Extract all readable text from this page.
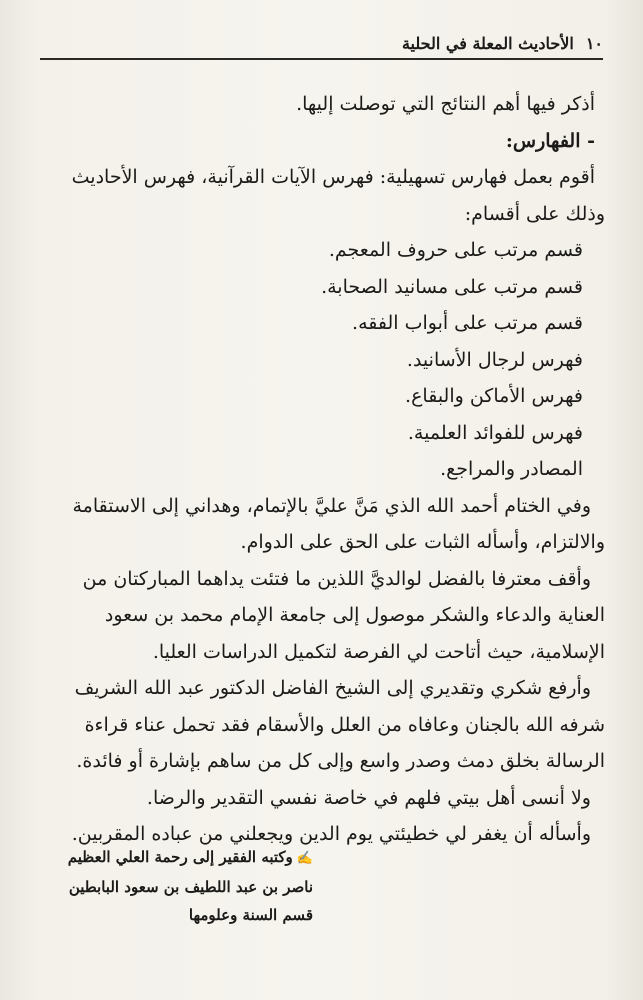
١٠
الأحاديث المعلة في الحلية
أذكر فيها أهم النتائج التي توصلت إليها.
- الفهارس:
أقوم بعمل فهارس تسهيلية: فهرس الآيات القرآنية، فهرس الأحاديث
وذلك على أقسام:
قسم مرتب على حروف المعجم.
قسم مرتب على مسانيد الصحابة.
قسم مرتب على أبواب الفقه.
فهرس لرجال الأسانيد.
فهرس الأماكن والبقاع.
فهرس للفوائد العلمية.
المصادر والمراجع.
وفي الختام أحمد الله الذي مَنَّ عليَّ بالإتمام، وهداني إلى الاستقامة
والالتزام، وأسأله الثبات على الحق على الدوام.
وأقف معترفا بالفضل لوالديَّ اللذين ما فتئت يداهما المباركتان من
العناية والدعاء والشكر موصول إلى جامعة الإمام محمد بن سعود
الإسلامية، حيث أتاحت لي الفرصة لتكميل الدراسات العليا.
وأرفع شكري وتقديري إلى الشيخ الفاضل الدكتور عبد الله الشريف
شرفه الله بالجنان وعافاه من العلل والأسقام فقد تحمل عناء قراءة
الرسالة بخلق دمث وصدر واسع وإلى كل من ساهم بإشارة أو فائدة.
ولا أنسى أهل بيتي فلهم في خاصة نفسي التقدير والرضا.
وأسأله أن يغفر لي خطيئتي يوم الدين ويجعلني من عباده المقربين.
✍وكتبه الفقير إلى رحمة العلي العظيم
ناصر بن عبد اللطيف بن سعود البابطين
قسم السنة وعلومها
